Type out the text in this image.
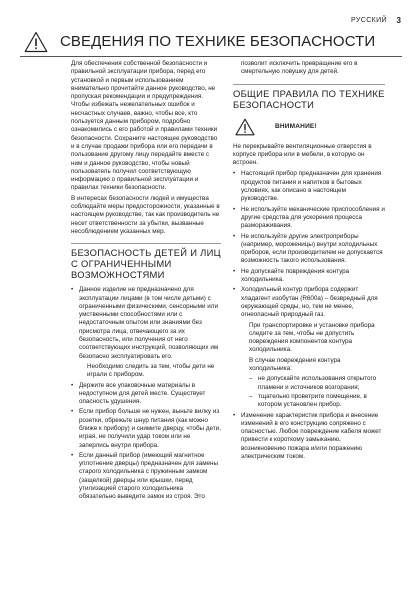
РУССКИЙ 3
СВЕДЕНИЯ ПО ТЕХНИКЕ БЕЗОПАСНОСТИ

Для обеспечения собственной безопасности и правильной эксплуатации прибора, перед его установкой и первым использованием внимательно прочитайте данное руководство, не пропуская рекомендации и предупреждения. Чтобы избежать нежелательных ошибок и несчастных случаев, важно, чтобы все, кто пользуется данным прибором, подробно ознакомились с его работой и правилами техники безопасности. Сохраните настоящее руководство и в случае продажи прибора или его передачи в пользование другому лицу передайте вместе с ним и данное руководство, чтобы новый пользователь получил соответствующую информацию о правильной эксплуатации и правилах техники безопасности.

В интересах безопасности людей и имущества соблюдайте меры предосторожности, указанные в настоящем руководстве, так как производитель не несет ответственности за убытки, вызванные несоблюдением указанных мер.

БЕЗОПАСНОСТЬ ДЕТЕЙ И ЛИЦ С ОГРАНИЧЕННЫМИ ВОЗМОЖНОСТЯМИ
• Данное изделие не предназначено для эксплуатации лицами (в том числе детьми) с ограниченными физическими, сенсорными или умственными способностями или с недостаточным опытом или знаниями без присмотра лица, отвечающего за их безопасность, или получения от него соответствующих инструкций, позволяющих им безопасно эксплуатировать его.
Необходимо следить за тем, чтобы дети не играли с прибором.
• Держите все упаковочные материалы в недоступном для детей месте. Существует опасность удушения.
• Если прибор больше не нужен, выньте вилку из розетки, обрежьте шнур питания (как можно ближе к прибору) и снимите дверцу, чтобы дети, играя, не получили удар током или не заперлись внутри прибора.
• Если данный прибор (имеющий магнитное уплотнение дверцы) предназначен для замены старого холодильника с пружинным замком (защелкой) дверцы или крышки, перед утилизацией старого холодильника обязательно выведите замок из строя. Это
позволит исключить превращение его в смертельную ловушку для детей.
ОБЩИЕ ПРАВИЛА ПО ТЕХНИКЕ БЕЗОПАСНОСТИ
ВНИМАНИЕ!

Не перекрывайте вентиляционные отверстия в корпусе прибора или в мебели, в которую он встроен.

• Настоящий прибор предназначен для хранения продуктов питания и напитков в бытовых условиях, как описано в настоящем руководстве.
• Не используйте механические приспособления и другие средства для ускорения процесса размораживания.
• Не используйте другие электроприборы (например, мороженицы) внутри холодильных приборов, если производителем не допускается возможность такого использования.
• Не допускайте повреждения контура холодильника.
• Холодильный контур прибора содержит хладагент изобутан (R600a) – безвредный для окружающей среды, но, тем не менее, огнеопасный природный газ.
При транспортировке и установке прибора следите за тем, чтобы не допустить повреждения компонентов контура холодильника.
В случае повреждения контура холодильника:
– не допускайте использования открытого пламени и источников возгорания;
– тщательно проветрите помещение, в котором установлен прибор.
• Изменение характеристик прибора и внесение изменений в его конструкцию сопряжено с опасностью. Любое повреждение кабеля может привести к короткому замыканию, возникновению пожара и/или поражению электрическим током.
